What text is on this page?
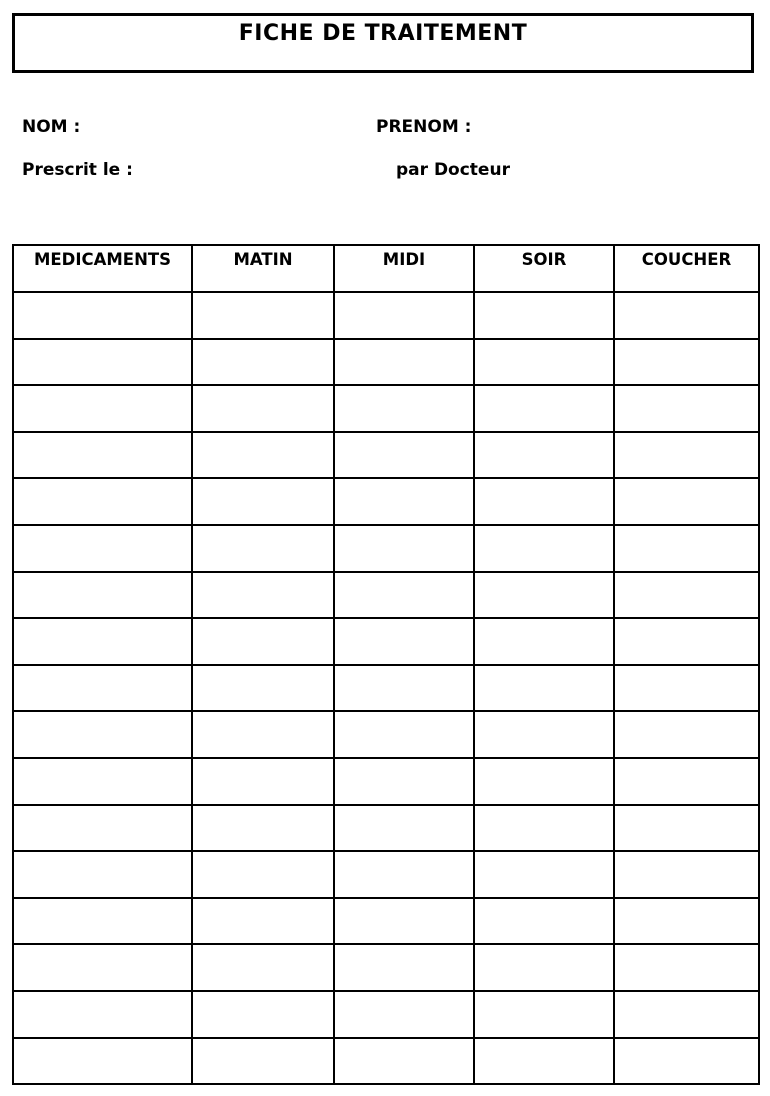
FICHE DE TRAITEMENT
NOM :	PRENOM :
Prescrit le :	par Docteur
MEDICAMENTS	MATIN	MIDI	SOIR	COUCHER
